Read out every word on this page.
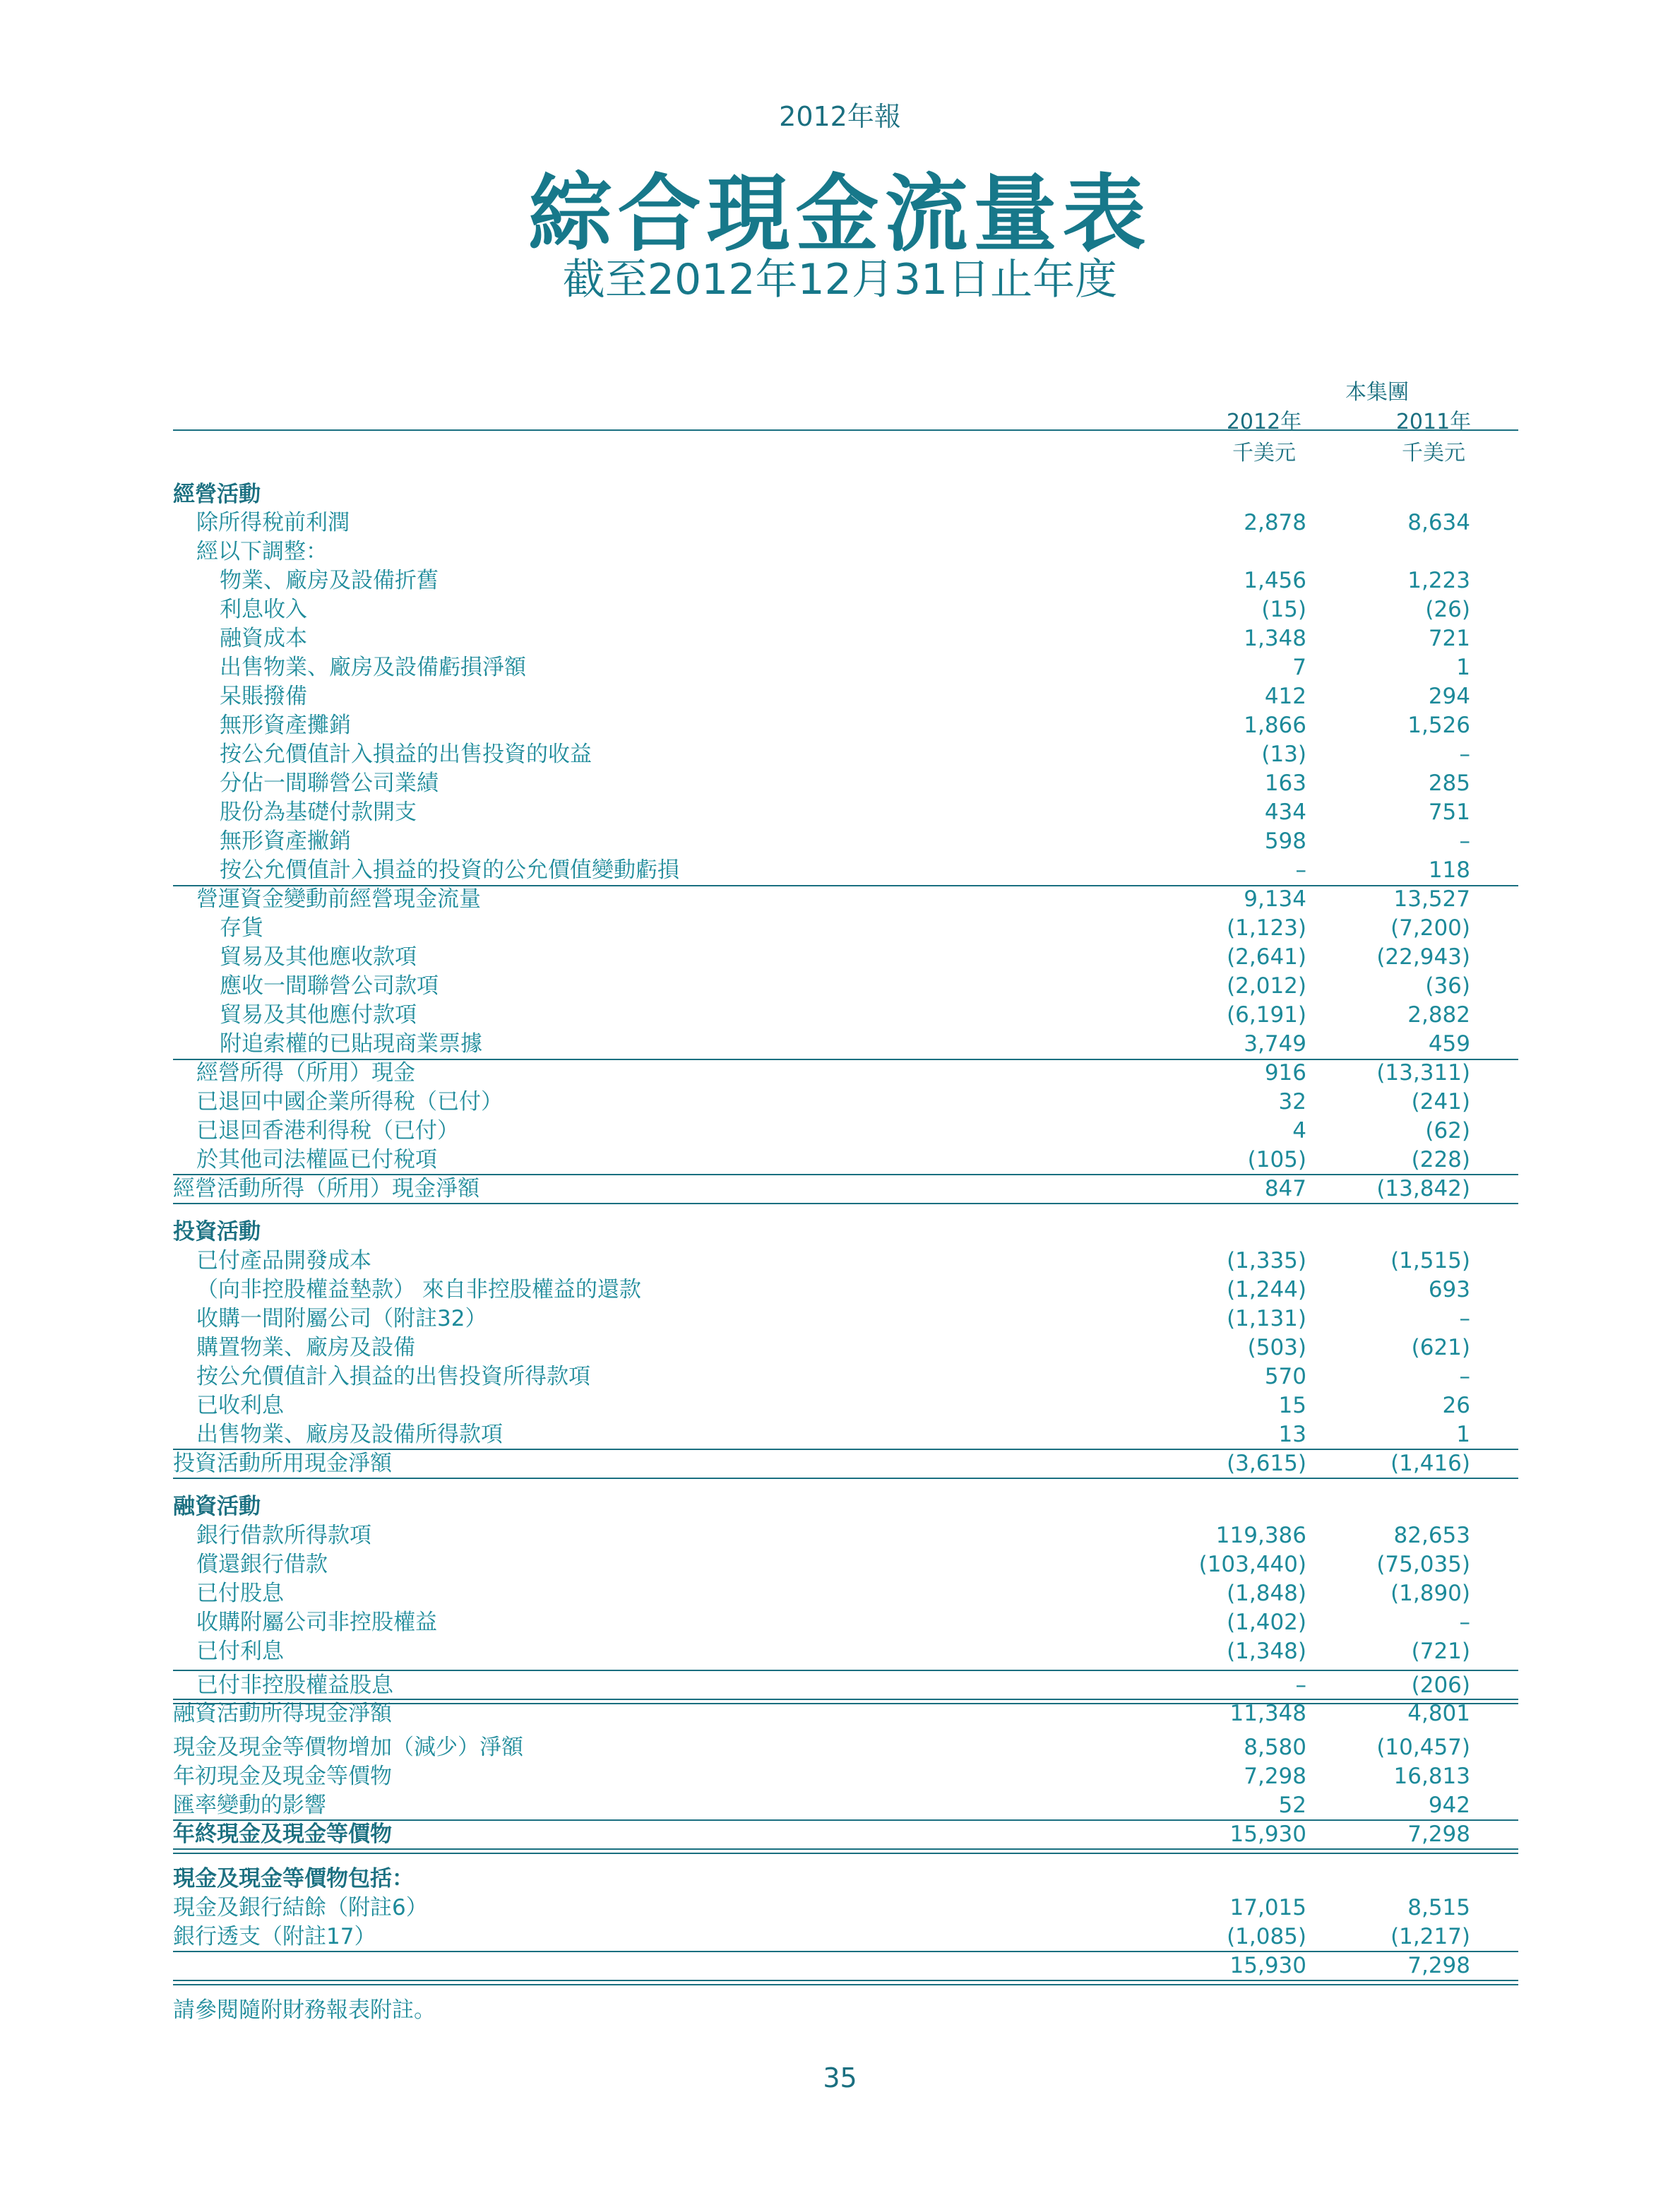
2012年報
綜合現金流量表
截至2012年12月31日止年度
本集團
2012年	2011年
千美元	千美元
經營活動
除所得稅前利潤	2,878	8,634
經以下調整：
物業、廠房及設備折舊	1,456	1,223
利息收入	(15)	(26)
融資成本	1,348	721
出售物業、廠房及設備虧損淨額	7	1
呆賬撥備	412	294
無形資產攤銷	1,866	1,526
按公允價值計入損益的出售投資的收益	(13)	–
分佔一間聯營公司業績	163	285
股份為基礎付款開支	434	751
無形資產撇銷	598	–
按公允價值計入損益的投資的公允價值變動虧損	–	118
營運資金變動前經營現金流量	9,134	13,527
存貨	(1,123)	(7,200)
貿易及其他應收款項	(2,641)	(22,943)
應收一間聯營公司款項	(2,012)	(36)
貿易及其他應付款項	(6,191)	2,882
附追索權的已貼現商業票據	3,749	459
經營所得（所用）現金	916	(13,311)
已退回中國企業所得稅（已付）	32	(241)
已退回香港利得稅（已付）	4	(62)
於其他司法權區已付稅項	(105)	(228)
經營活動所得（所用）現金淨額	847	(13,842)
投資活動
已付產品開發成本	(1,335)	(1,515)
（向非控股權益墊款） 來自非控股權益的還款	(1,244)	693
收購一間附屬公司（附註32）	(1,131)	–
購置物業、廠房及設備	(503)	(621)
按公允價值計入損益的出售投資所得款項	570	–
已收利息	15	26
出售物業、廠房及設備所得款項	13	1
投資活動所用現金淨額	(3,615)	(1,416)
融資活動
銀行借款所得款項	119,386	82,653
償還銀行借款	(103,440)	(75,035)
已付股息	(1,848)	(1,890)
收購附屬公司非控股權益	(1,402)	–
已付利息	(1,348)	(721)
已付非控股權益股息	–	(206)
融資活動所得現金淨額	11,348	4,801
現金及現金等價物增加（減少）淨額	8,580	(10,457)
年初現金及現金等價物	7,298	16,813
匯率變動的影響	52	942
年終現金及現金等價物	15,930	7,298
現金及現金等價物包括：
現金及銀行結餘（附註6）	17,015	8,515
銀行透支（附註17）	(1,085)	(1,217)
15,930	7,298
請參閱隨附財務報表附註。
35
